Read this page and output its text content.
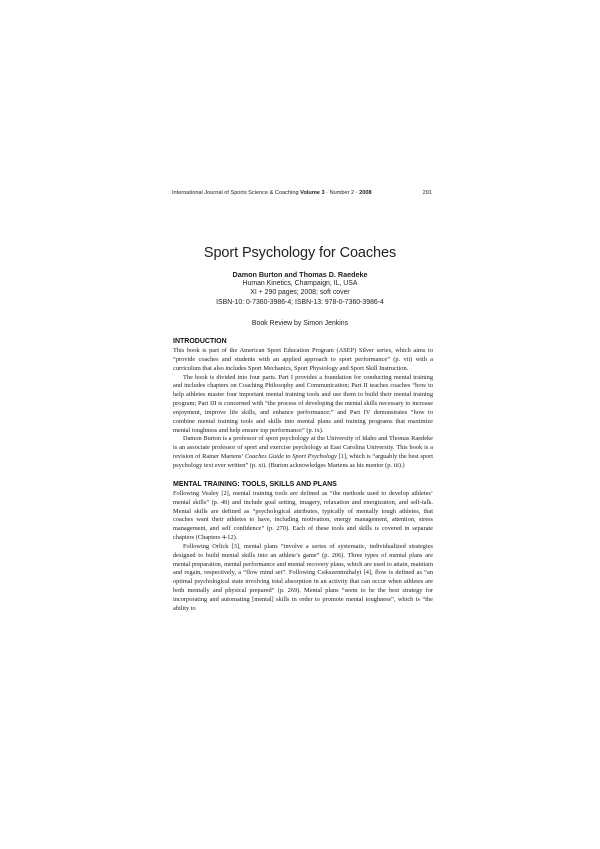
International Journal of Sports Science & Coaching Volume 3 · Number 2 · 2008	291
Sport Psychology for Coaches
Damon Burton and Thomas D. Raedeke
Human Kinetics, Champaign, IL, USA
XI + 290 pages; 2008; soft cover
ISBN-10: 0-7360-3986-4; ISBN-13: 978-0-7360-3986-4
Book Review by Simon Jenkins
INTRODUCTION

This book is part of the American Sport Education Program (ASEP) Silver series, which aims to “provide coaches and students with an applied approach to sport performance” (p. vii) with a curriculum that also includes Sport Mechanics, Sport Physiology and Sport Skill Instruction.

The book is divided into four parts. Part I provides a foundation for conducting mental training and includes chapters on Coaching Philosophy and Communication; Part II teaches coaches “how to help athletes master four important mental training tools and use them to build their mental training program; Part III is concerned with “the process of developing the mental skills necessary to increase enjoyment, improve life skills, and enhance performance;” and Part IV demonstrates “how to combine mental training tools and skills into mental plans and training programs that maximize mental toughness and help ensure top performance” (p. ix).

Damon Burton is a professor of sport psychology at the University of Idaho and Thomas Raedeke is an associate professor of sport and exercise psychology at East Carolina University. This book is a revision of Rainer Martens’ Coaches Guide to Sport Psychology [1], which is “arguably the best sport psychology text ever written” (p. xi). (Burton acknowledges Martens as his mentor (p. iii).)

MENTAL TRAINING: TOOLS, SKILLS AND PLANS

Following Vealey [2], mental training tools are defined as “the methods used to develop athletes’ mental skills” (p. 40) and include goal setting, imagery, relaxation and energization, and self-talk. Mental skills are defined as “psychological attributes, typically of mentally tough athletes, that coaches want their athletes to have, including motivation, energy management, attention, stress management, and self confidence” (p. 270). Each of these tools and skills is covered in separate chapters (Chapters 4-12).

Following Orlick [3], mental plans “involve a series of systematic, individualized strategies designed to build mental skills into an athlete’s game” (p. 206). Three types of mental plans are mental preparation, mental performance and mental recovery plans, which are used to attain, maintain and regain, respectively, a “flow mind set”. Following Csikszentmihalyi [4], flow is defined as “an optimal psychological state involving total absorption in an activity that can occur when athletes are both mentally and physical prepared” (p. 269). Mental plans “seem to be the best strategy for incorporating and automating [mental] skills in order to promote mental toughness”, which is “the ability to
